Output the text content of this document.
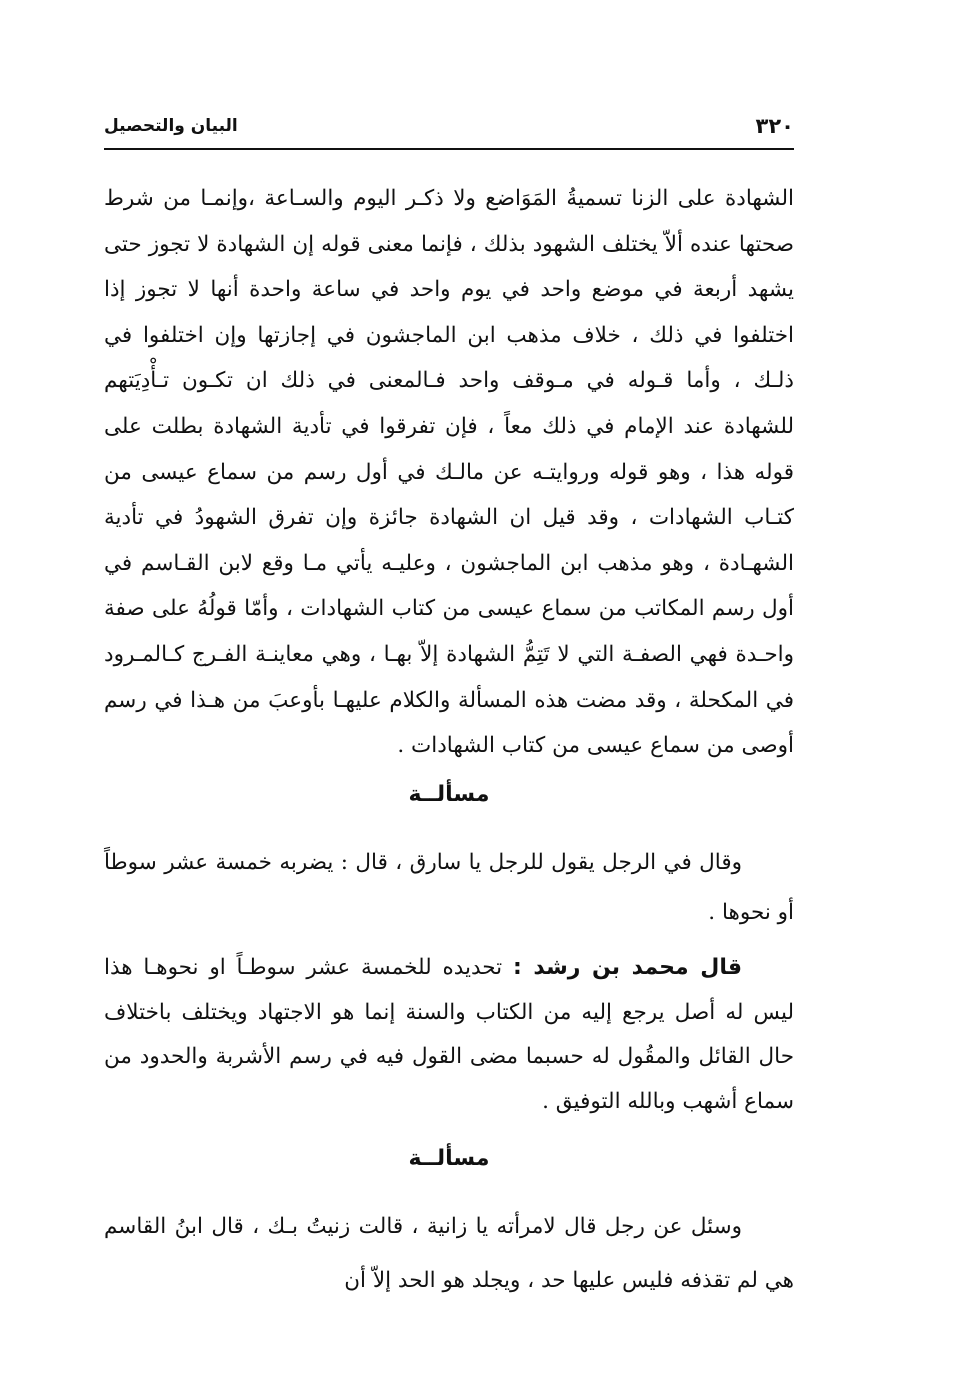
٣٢٠
البيان والتحصيل

الشهادة على الزنا تسميةُ المَوَاضع ولا ذكـر اليوم والسـاعة ،وإنمـا من شرط صحتها عنده ألاّ يختلف الشهود بذلك ، فإنما معنى قوله إن الشهادة لا تجوز حتى يشهد أربعة في موضع واحد في يوم واحد في ساعة واحدة أنها لا تجوز إذا اختلفوا في ذلك ، خلاف مذهب ابن الماجشون في إجازتها وإن اختلفوا في ذلـك ، وأما قـوله في مـوقف واحد فـالمعنى في ذلك ان تكـون تـأْدِيَتهم للشهادة عند الإمام في ذلك معاً ، فإن تفرقوا في تأدية الشهادة بطلت على قوله هذا ، وهو قوله وروايتـه عن مالـك في أول رسم من سماع عيسى من كتـاب الشهادات ، وقد قيل ان الشهادة جائزة وإن تفرق الشهودُ في تأدية الشهـادة ، وهو مذهب ابن الماجشون ، وعليـه يأتي مـا وقع لابن القـاسم في أول رسم المكاتب من سماع عيسى من كتاب الشهادات ، وأمّا قولُهُ على صفة واحـدة فهي الصفـة التي لا تَتِمُّ الشهادة إلاّ بهـا ، وهي معاينـة الفـرج كـالمـرود في المكحلة ، وقد مضت هذه المسألة والكلام عليهـا بأوعبَ من هـذا في رسم أوصى من سماع عيسى من كتاب الشهادات .

مسألــة

وقال في الرجل يقول للرجل يا سارق ، قال : يضربه خمسة عشر سوطاً أو نحوها .

قال محمد بن رشد : تحديده للخمسة عشر سوطـاً او نحوهـا هذا ليس له أصل يرجع إليه من الكتاب والسنة إنما هو الاجتهاد ويختلف باختلاف حال القائل والمقُول له حسبما مضى القول فيه في رسم الأشربة والحدود من سماع أشهب وبالله التوفيق .

مسألــة

وسئل عن رجل قال لامرأته يا زانية ، قالت زنيتُ بـك ، قال ابنُ القاسم هي لم تقذفه فليس عليها حد ، ويجلد هو الحد إلاّ أن
